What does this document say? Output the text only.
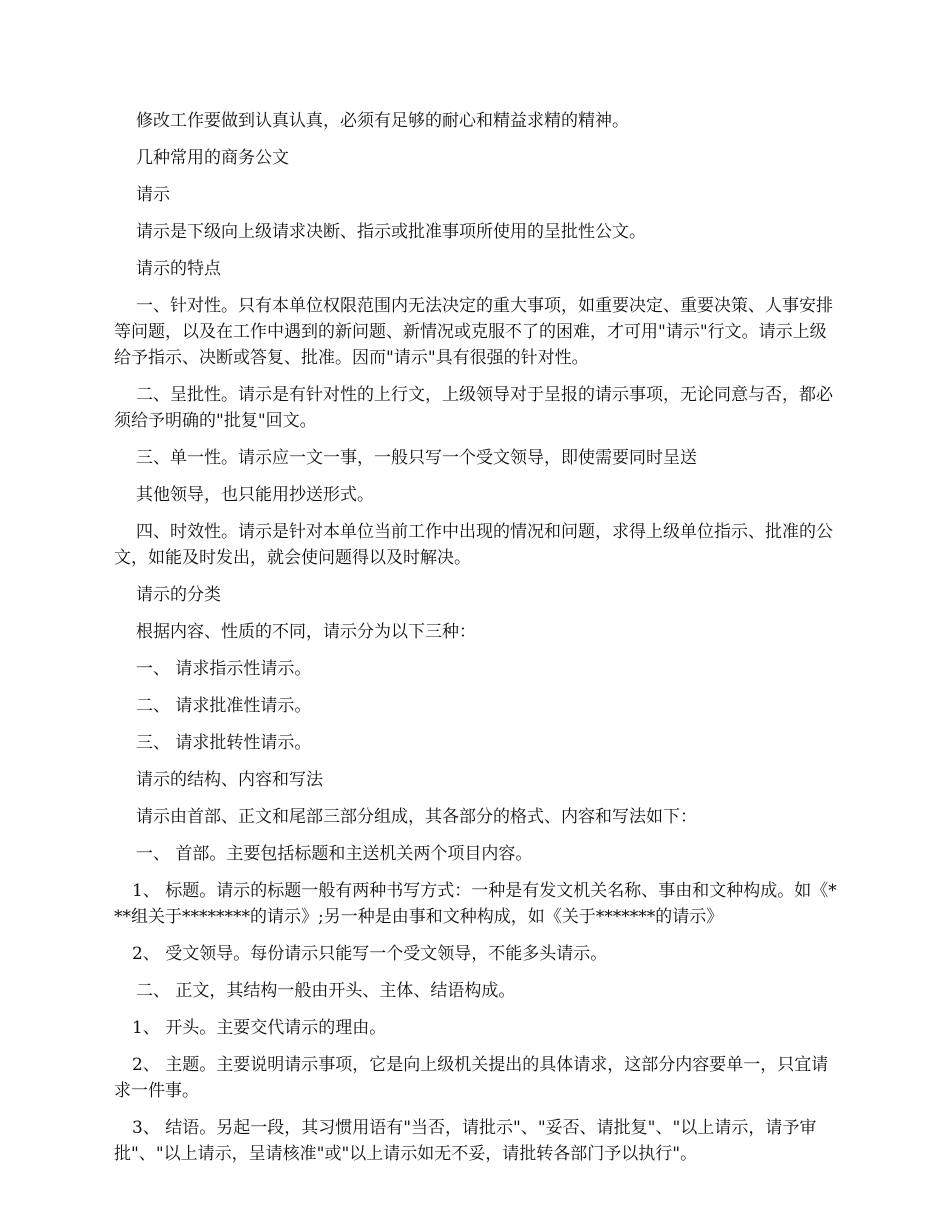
修改工作要做到认真认真，必须有足够的耐心和精益求精的精神。

几种常用的商务公文

请示

请示是下级向上级请求决断、指示或批准事项所使用的呈批性公文。

请示的特点

一、针对性。只有本单位权限范围内无法决定的重大事项，如重要决定、重要决策、人事安排等问题，以及在工作中遇到的新问题、新情况或克服不了的困难，才可用"请示"行文。请示上级给予指示、决断或答复、批准。因而"请示"具有很强的针对性。

二、呈批性。请示是有针对性的上行文，上级领导对于呈报的请示事项，无论同意与否，都必须给予明确的"批复"回文。

三、单一性。请示应一文一事，一般只写一个受文领导，即使需要同时呈送

其他领导，也只能用抄送形式。

四、时效性。请示是针对本单位当前工作中出现的情况和问题，求得上级单位指示、批准的公文，如能及时发出，就会使问题得以及时解决。

请示的分类

根据内容、性质的不同，请示分为以下三种：

一、 请求指示性请示。

二、 请求批准性请示。

三、 请求批转性请示。

请示的结构、内容和写法

请示由首部、正文和尾部三部分组成，其各部分的格式、内容和写法如下：

一、 首部。主要包括标题和主送机关两个项目内容。

1、 标题。请示的标题一般有两种书写方式：一种是有发文机关名称、事由和文种构成。如《***组关于********的请示》;另一种是由事和文种构成，如《关于*******的请示》

2、 受文领导。每份请示只能写一个受文领导，不能多头请示。

二、 正文，其结构一般由开头、主体、结语构成。

1、 开头。主要交代请示的理由。

2、 主题。主要说明请示事项，它是向上级机关提出的具体请求，这部分内容要单一，只宜请求一件事。

3、 结语。另起一段，其习惯用语有"当否，请批示"、"妥否、请批复"、"以上请示，请予审批"、"以上请示，呈请核准"或"以上请示如无不妥，请批转各部门予以执行"。
